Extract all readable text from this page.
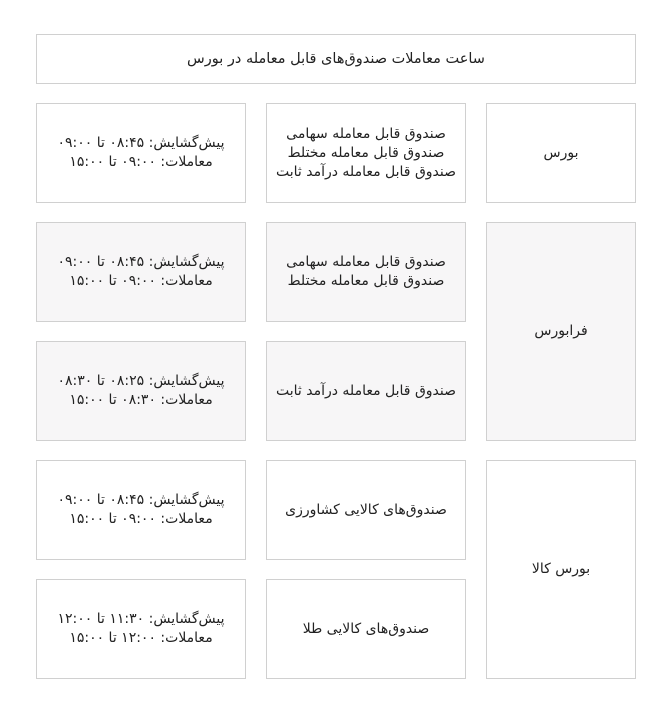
ساعت معاملات صندوق‌های قابل معامله در بورس
بورس
صندوق قابل معامله سهامی
صندوق قابل معامله مختلط
صندوق قابل معامله درآمد ثابت
پیش‌گشایش: ۰۸:۴۵ تا ۰۹:۰۰
معاملات: ۰۹:۰۰ تا ۱۵:۰۰
فرابورس
صندوق قابل معامله سهامی
صندوق قابل معامله مختلط
پیش‌گشایش: ۰۸:۴۵ تا ۰۹:۰۰
معاملات: ۰۹:۰۰ تا ۱۵:۰۰
صندوق قابل معامله درآمد ثابت
پیش‌گشایش: ۰۸:۲۵ تا ۰۸:۳۰
معاملات: ۰۸:۳۰ تا ۱۵:۰۰
بورس کالا
صندوق‌های کالایی کشاورزی
پیش‌گشایش: ۰۸:۴۵ تا ۰۹:۰۰
معاملات: ۰۹:۰۰ تا ۱۵:۰۰
صندوق‌های کالایی طلا
پیش‌گشایش: ۱۱:۳۰ تا ۱۲:۰۰
معاملات: ۱۲:۰۰ تا ۱۵:۰۰
